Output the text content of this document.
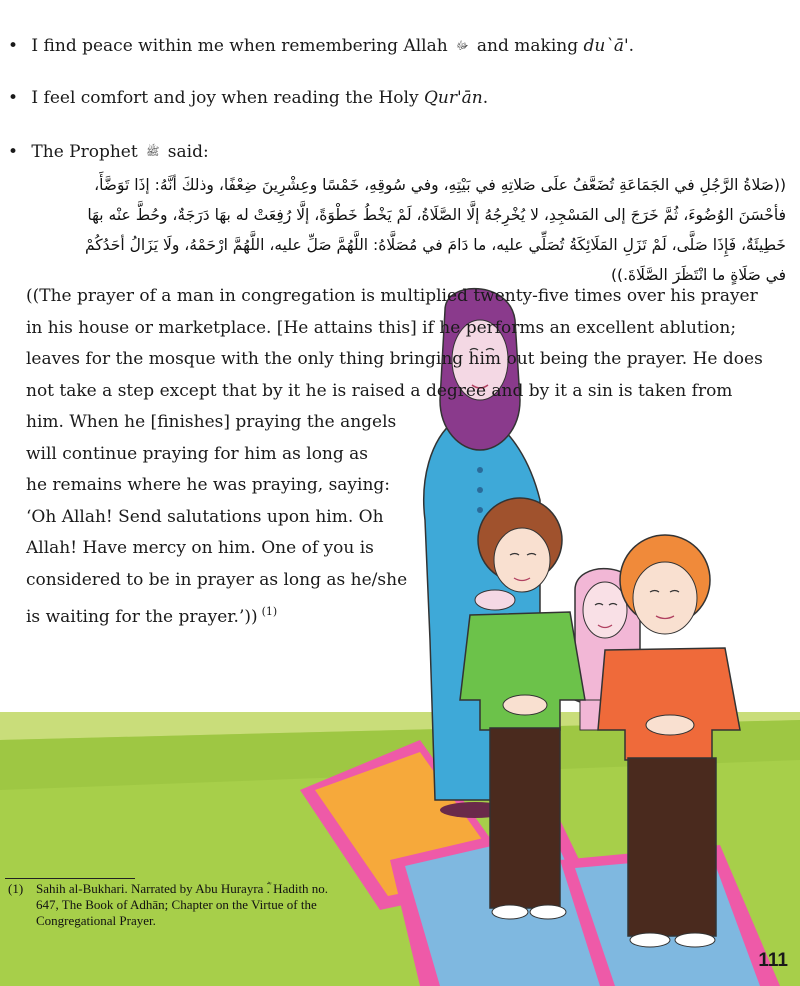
• I find peace within me when remembering Allah ﷻ and making du`ā'.
• I feel comfort and joy when reading the Holy Qur'ān.
• The Prophet ﷺ said:
((صَلاةُ الرَّجُلِ في الجَمَاعَةِ تُضَعَّفُ علَى صَلاتِهِ في بَيْتِهِ، وفي سُوقِهِ، خَمْسًا وعِشْرِينَ ضِعْفًا، وذلكَ أنَّهُ: إذَا تَوَضَّأَ،
فأحْسَنَ الوُضُوءَ، ثُمَّ خَرَجَ إلى المَسْجِدِ، لا يُخْرِجُهُ إلَّا الصَّلَاةُ، لَمْ يَخْطُ خَطْوَةً، إلَّا رُفِعَتْ له بهَا دَرَجَةٌ، وحُطَّ عنْه بهَا
خَطِيئَةٌ، فَإِذَا صَلَّى، لَمْ تَزَلِ المَلَائِكَةُ تُصَلِّي عليه، ما دَامَ في مُصَلَّاهُ: اللَّهُمَّ صَلِّ عليه، اللَّهُمَّ ارْحَمْهُ، ولَا يَزَالُ أحَدُكُمْ
في صَلَاةٍ ما انْتَظَرَ الصَّلَاةَ.))
((The prayer of a man in congregation is multiplied twenty-five times over his prayer
in his house or marketplace. [He attains this] if he performs an excellent ablution;
leaves for the mosque with the only thing bringing him out being the prayer. He does
not take a step except that by it he is raised a degree and by it a sin is taken from
him. When he [finishes] praying the angels
will continue praying for him as long as
he remains where he was praying, saying:
‘Oh Allah! Send salutations upon him. Oh
Allah! Have mercy on him. One of you is
considered to be in prayer as long as he/she
is waiting for the prayer.’)) $^{(1)}$
(1) Sahih al-Bukhari. Narrated by Abu Hurayra ؓ. Hadith no.
647, The Book of Adhān; Chapter on the Virtue of the
Congregational Prayer.
111
